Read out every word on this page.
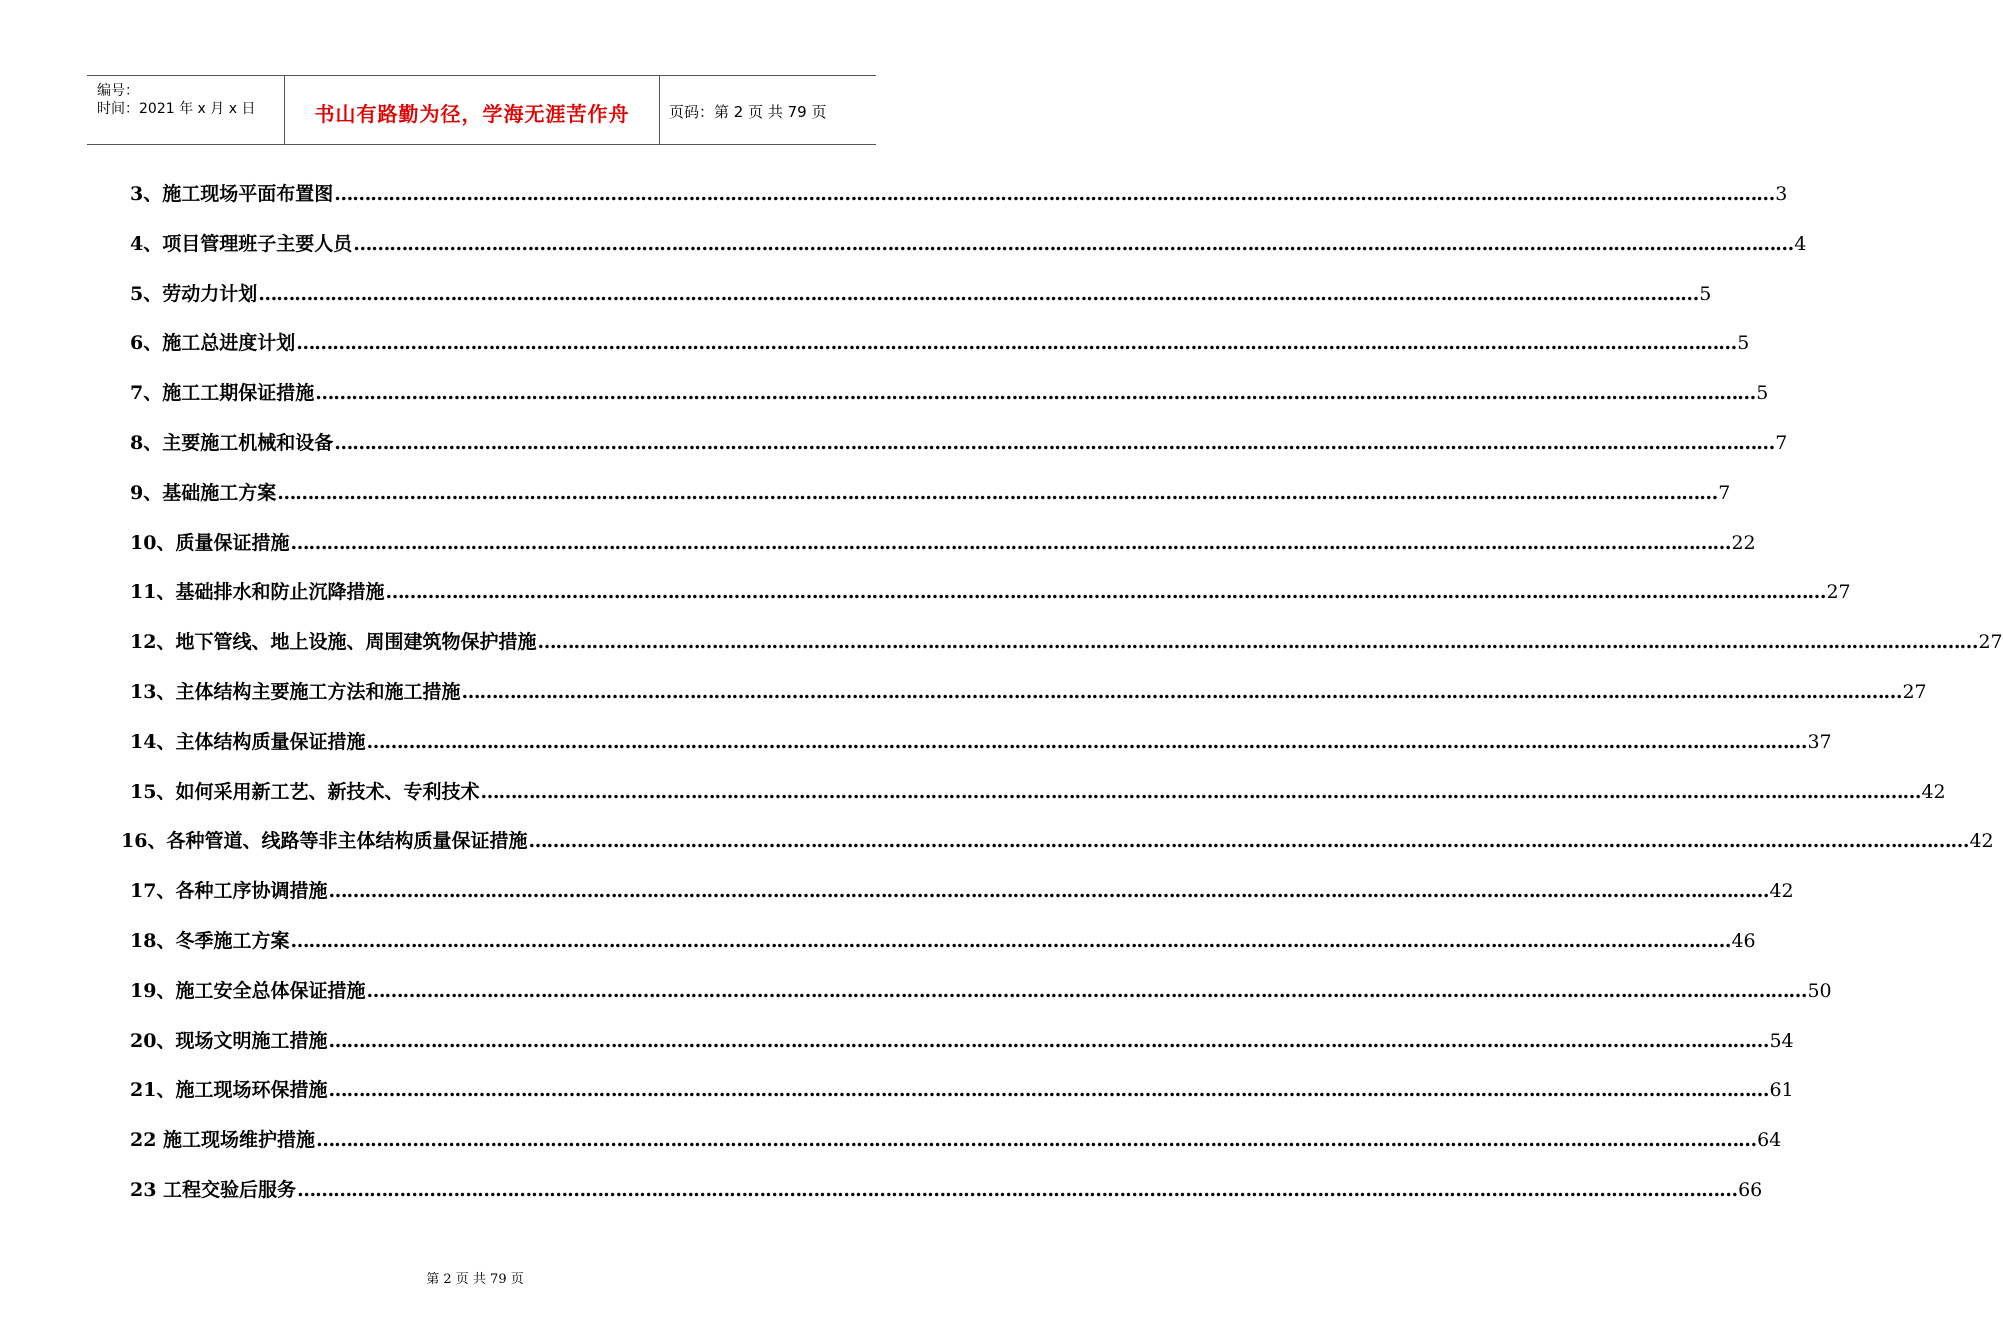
编号：
时间：2021 年 x 月 x 日	书山有路勤为径，学海无涯苦作舟	页码：第 2 页 共 79 页
3、施工现场平面布置图 …………………………………………………………………………………………………………………………………………………………………………………………………………………… 3
4、项目管理班子主要人员 …………………………………………………………………………………………………………………………………………………………………………………………………………………… 4
5、劳动力计划 …………………………………………………………………………………………………………………………………………………………………………………………………………………… 5
6、施工总进度计划 …………………………………………………………………………………………………………………………………………………………………………………………………………………… 5
7、施工工期保证措施 …………………………………………………………………………………………………………………………………………………………………………………………………………………… 5
8、主要施工机械和设备 …………………………………………………………………………………………………………………………………………………………………………………………………………………… 7
9、基础施工方案 …………………………………………………………………………………………………………………………………………………………………………………………………………………… 7
10、质量保证措施 …………………………………………………………………………………………………………………………………………………………………………………………………………………… 22
11、基础排水和防止沉降措施 …………………………………………………………………………………………………………………………………………………………………………………………………………………… 27
12、地下管线、地上设施、周围建筑物保护措施 …………………………………………………………………………………………………………………………………………………………………………………………………………………… 27
13、主体结构主要施工方法和施工措施 …………………………………………………………………………………………………………………………………………………………………………………………………………………… 27
14、主体结构质量保证措施 …………………………………………………………………………………………………………………………………………………………………………………………………………………… 37
15、如何采用新工艺、新技术、专利技术 …………………………………………………………………………………………………………………………………………………………………………………………………………………… 42
16、各种管道、线路等非主体结构质量保证措施 …………………………………………………………………………………………………………………………………………………………………………………………………………………… 42
17、各种工序协调措施 …………………………………………………………………………………………………………………………………………………………………………………………………………………… 42
18、冬季施工方案 …………………………………………………………………………………………………………………………………………………………………………………………………………………… 46
19、施工安全总体保证措施 …………………………………………………………………………………………………………………………………………………………………………………………………………………… 50
20、现场文明施工措施 …………………………………………………………………………………………………………………………………………………………………………………………………………………… 54
21、施工现场环保措施 …………………………………………………………………………………………………………………………………………………………………………………………………………………… 61
22 施工现场维护措施 …………………………………………………………………………………………………………………………………………………………………………………………………………………… 64
23 工程交验后服务 …………………………………………………………………………………………………………………………………………………………………………………………………………………… 66
第 2 页 共 79 页
